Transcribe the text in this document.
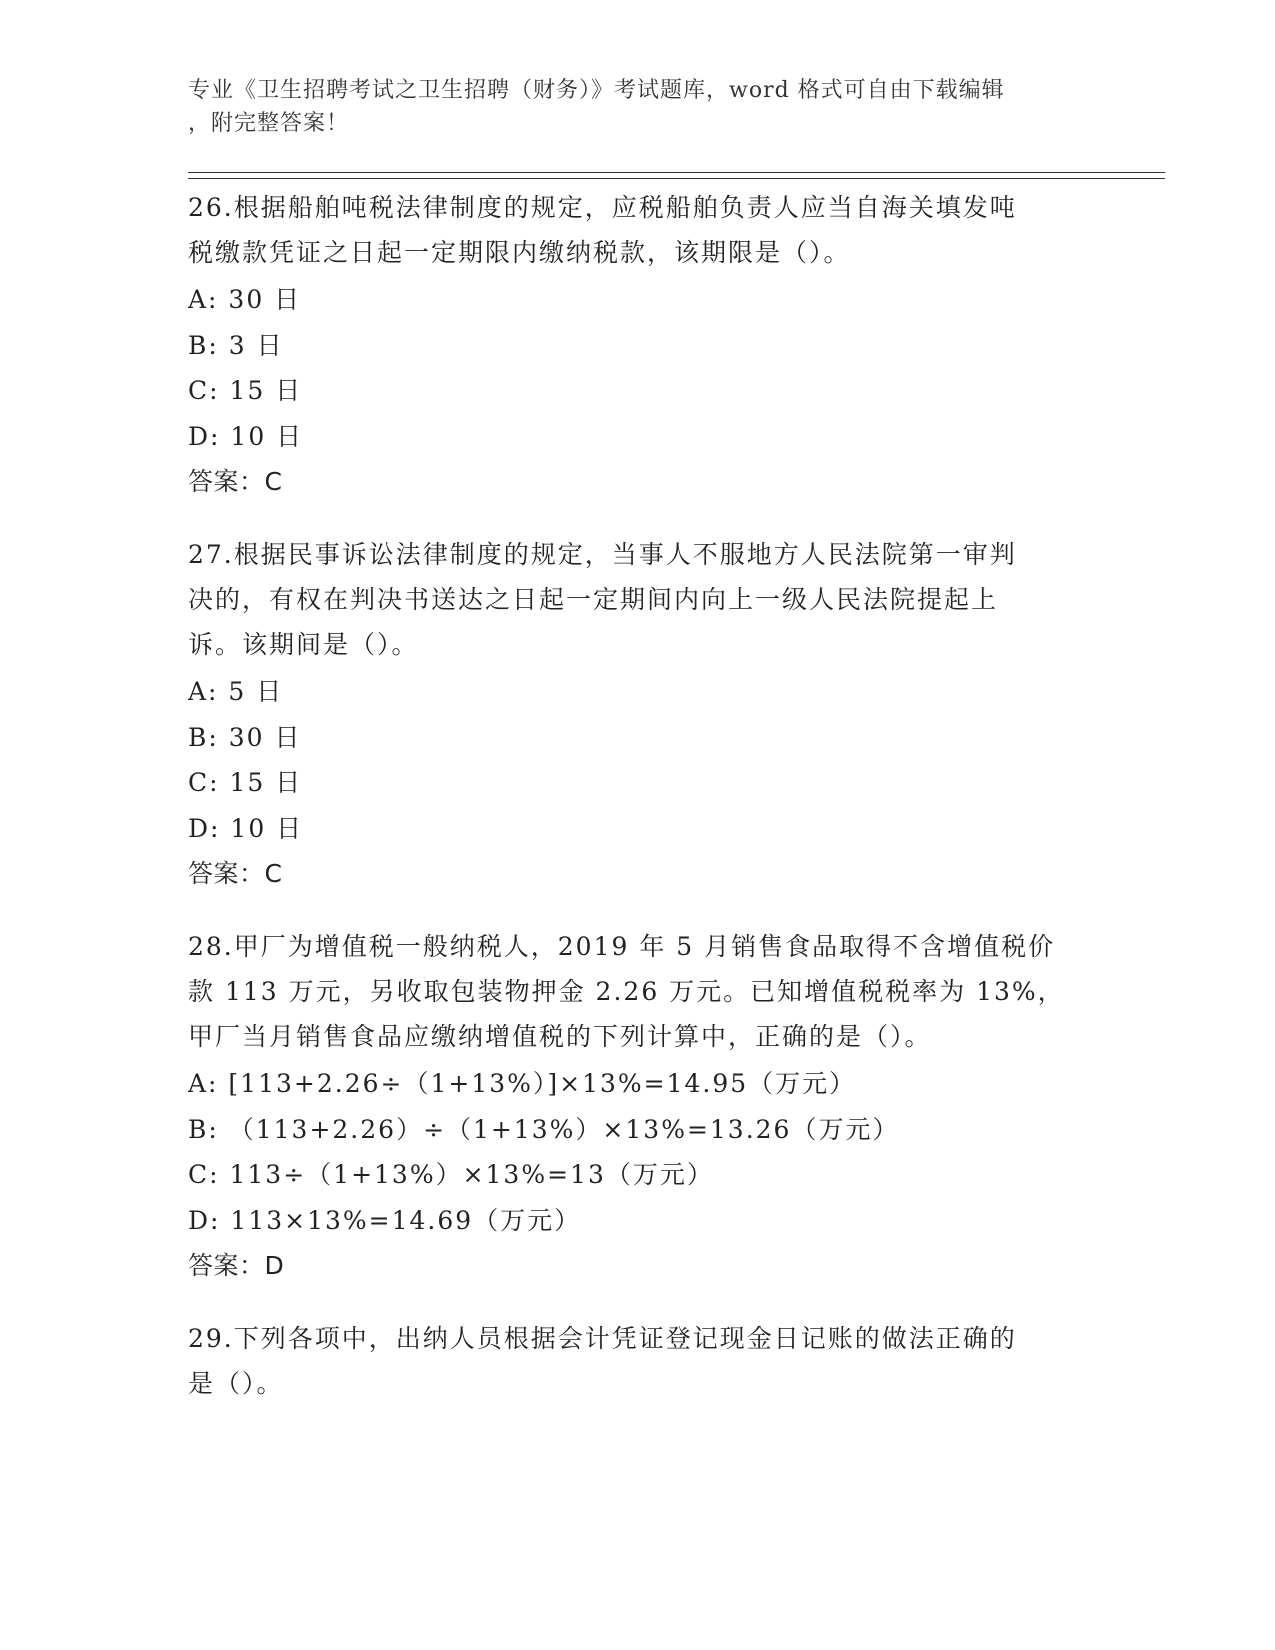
专业《卫生招聘考试之卫生招聘（财务）》考试题库，word 格式可自由下载编辑
，附完整答案！
26.根据船舶吨税法律制度的规定，应税船舶负责人应当自海关填发吨
税缴款凭证之日起一定期限内缴纳税款，该期限是（）。
A: 30 日
B: 3 日
C: 15 日
D: 10 日
答案：C
27.根据民事诉讼法律制度的规定，当事人不服地方人民法院第一审判
决的，有权在判决书送达之日起一定期间内向上一级人民法院提起上
诉。该期间是（）。
A: 5 日
B: 30 日
C: 15 日
D: 10 日
答案：C
28.甲厂为增值税一般纳税人，2019 年 5 月销售食品取得不含增值税价
款 113 万元，另收取包装物押金 2.26 万元。已知增值税税率为 13%，
甲厂当月销售食品应缴纳增值税的下列计算中，正确的是（）。
A: [113+2.26÷（1+13%）]×13%=14.95（万元）
B: （113+2.26）÷（1+13%）×13%=13.26（万元）
C: 113÷（1+13%）×13%=13（万元）
D: 113×13%=14.69（万元）
答案：D
29.下列各项中，出纳人员根据会计凭证登记现金日记账的做法正确的
是（）。
